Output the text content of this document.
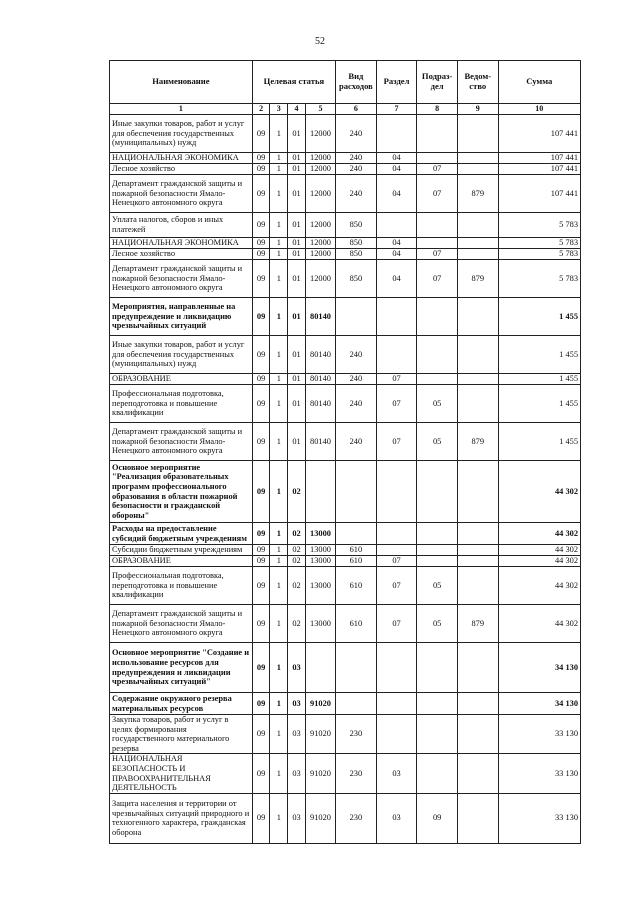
52
Наименование	Целевая статья				Вид расходов	Раздел	Подраз-дел	Ведом-ство	Сумма
1	2	3	4	5	6	7	8	9	10
Иные закупки товаров, работ и услуг для обеспечения государственных (муниципальных) нужд	09	1	01	12000	240				107 441
НАЦИОНАЛЬНАЯ ЭКОНОМИКА	09	1	01	12000	240	04			107 441
Лесное хозяйство	09	1	01	12000	240	04	07		107 441
Департамент гражданской защиты и пожарной безопасности Ямало-Ненецкого автономного округа	09	1	01	12000	240	04	07	879	107 441
Уплата налогов, сборов и иных платежей	09	1	01	12000	850				5 783
НАЦИОНАЛЬНАЯ ЭКОНОМИКА	09	1	01	12000	850	04			5 783
Лесное хозяйство	09	1	01	12000	850	04	07		5 783
Департамент гражданской защиты и пожарной безопасности Ямало-Ненецкого автономного округа	09	1	01	12000	850	04	07	879	5 783
Мероприятия, направленные на предупреждение и ликвидацию чрезвычайных ситуаций	09	1	01	80140					1 455
Иные закупки товаров, работ и услуг для обеспечения государственных (муниципальных) нужд	09	1	01	80140	240				1 455
ОБРАЗОВАНИЕ	09	1	01	80140	240	07			1 455
Профессиональная подготовка, переподготовка и повышение квалификации	09	1	01	80140	240	07	05		1 455
Департамент гражданской защиты и пожарной безопасности Ямало-Ненецкого автономного округа	09	1	01	80140	240	07	05	879	1 455
Основное мероприятие "Реализация образовательных программ профессионального образования в области пожарной безопасности и гражданской обороны"	09	1	02						44 302
Расходы на предоставление субсидий бюджетным учреждениям	09	1	02	13000					44 302
Субсидии бюджетным учреждениям	09	1	02	13000	610				44 302
ОБРАЗОВАНИЕ	09	1	02	13000	610	07			44 302
Профессиональная подготовка, переподготовка и повышение квалификации	09	1	02	13000	610	07	05		44 302
Департамент гражданской защиты и пожарной безопасности Ямало-Ненецкого автономного округа	09	1	02	13000	610	07	05	879	44 302
Основное мероприятие "Создание и использование ресурсов для предупреждения и ликвидации чрезвычайных ситуаций"	09	1	03						34 130
Содержание окружного резерва материальных ресурсов	09	1	03	91020					34 130
Закупка товаров, работ и услуг в целях формирования государственного материального резерва	09	1	03	91020	230				33 130
НАЦИОНАЛЬНАЯ БЕЗОПАСНОСТЬ И ПРАВООХРАНИТЕЛЬНАЯ ДЕЯТЕЛЬНОСТЬ	09	1	03	91020	230	03			33 130
Защита населения и территории от чрезвычайных ситуаций природного и техногенного характера, гражданская оборона	09	1	03	91020	230	03	09		33 130
